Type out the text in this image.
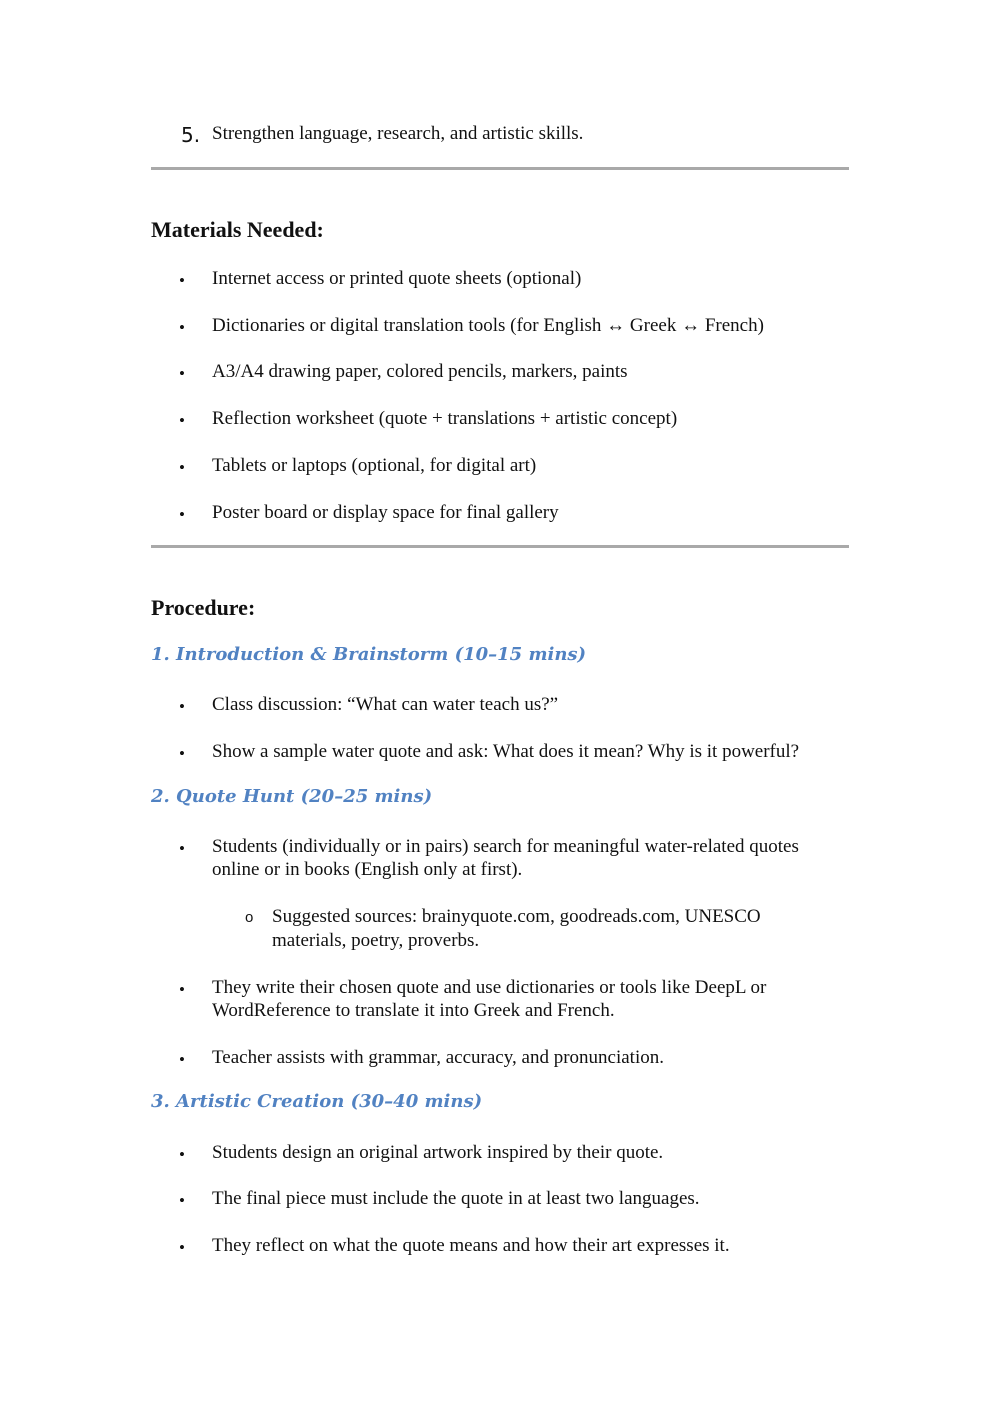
5. Strengthen language, research, and artistic skills.
Materials Needed:
• Internet access or printed quote sheets (optional)
• Dictionaries or digital translation tools (for English ↔ Greek ↔ French)
• A3/A4 drawing paper, colored pencils, markers, paints
• Reflection worksheet (quote + translations + artistic concept)
• Tablets or laptops (optional, for digital art)
• Poster board or display space for final gallery
Procedure:
1. Introduction & Brainstorm (10–15 mins)
• Class discussion: “What can water teach us?”
• Show a sample water quote and ask: What does it mean? Why is it powerful?
2. Quote Hunt (20–25 mins)
• Students (individually or in pairs) search for meaningful water-related quotes
online or in books (English only at first).
o Suggested sources: brainyquote.com, goodreads.com, UNESCO
materials, poetry, proverbs.
• They write their chosen quote and use dictionaries or tools like DeepL or
WordReference to translate it into Greek and French.
• Teacher assists with grammar, accuracy, and pronunciation.
3. Artistic Creation (30–40 mins)
• Students design an original artwork inspired by their quote.
• The final piece must include the quote in at least two languages.
• They reflect on what the quote means and how their art expresses it.
